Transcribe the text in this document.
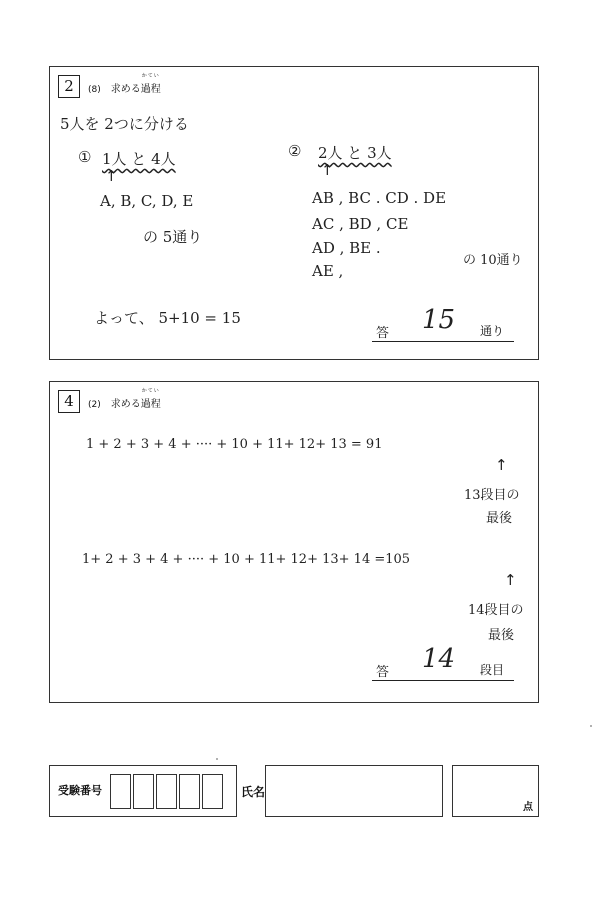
2	(8) 求める
かてい
過程
5人を 2つに分ける
① 1人 と 4人
↑
A, B, C, D, E
の 5通り
② 2人 と 3人
↑
AB , BC . CD . DE
AC , BD , CE
AD , BE .
AE ,
の 10通り
よって、 5+10 = 15
答 15 通り
4	(2) 求める
かてい
過程
1 + 2 + 3 + 4 + ···· + 10 + 11+ 12+ 13 = 91
↑
13段目の
最後
1+ 2 + 3 + 4 + ···· + 10 + 11+ 12+ 13+ 14 =105
↑
14段目の
最後
答 14 段目
受験番号	氏名
点
